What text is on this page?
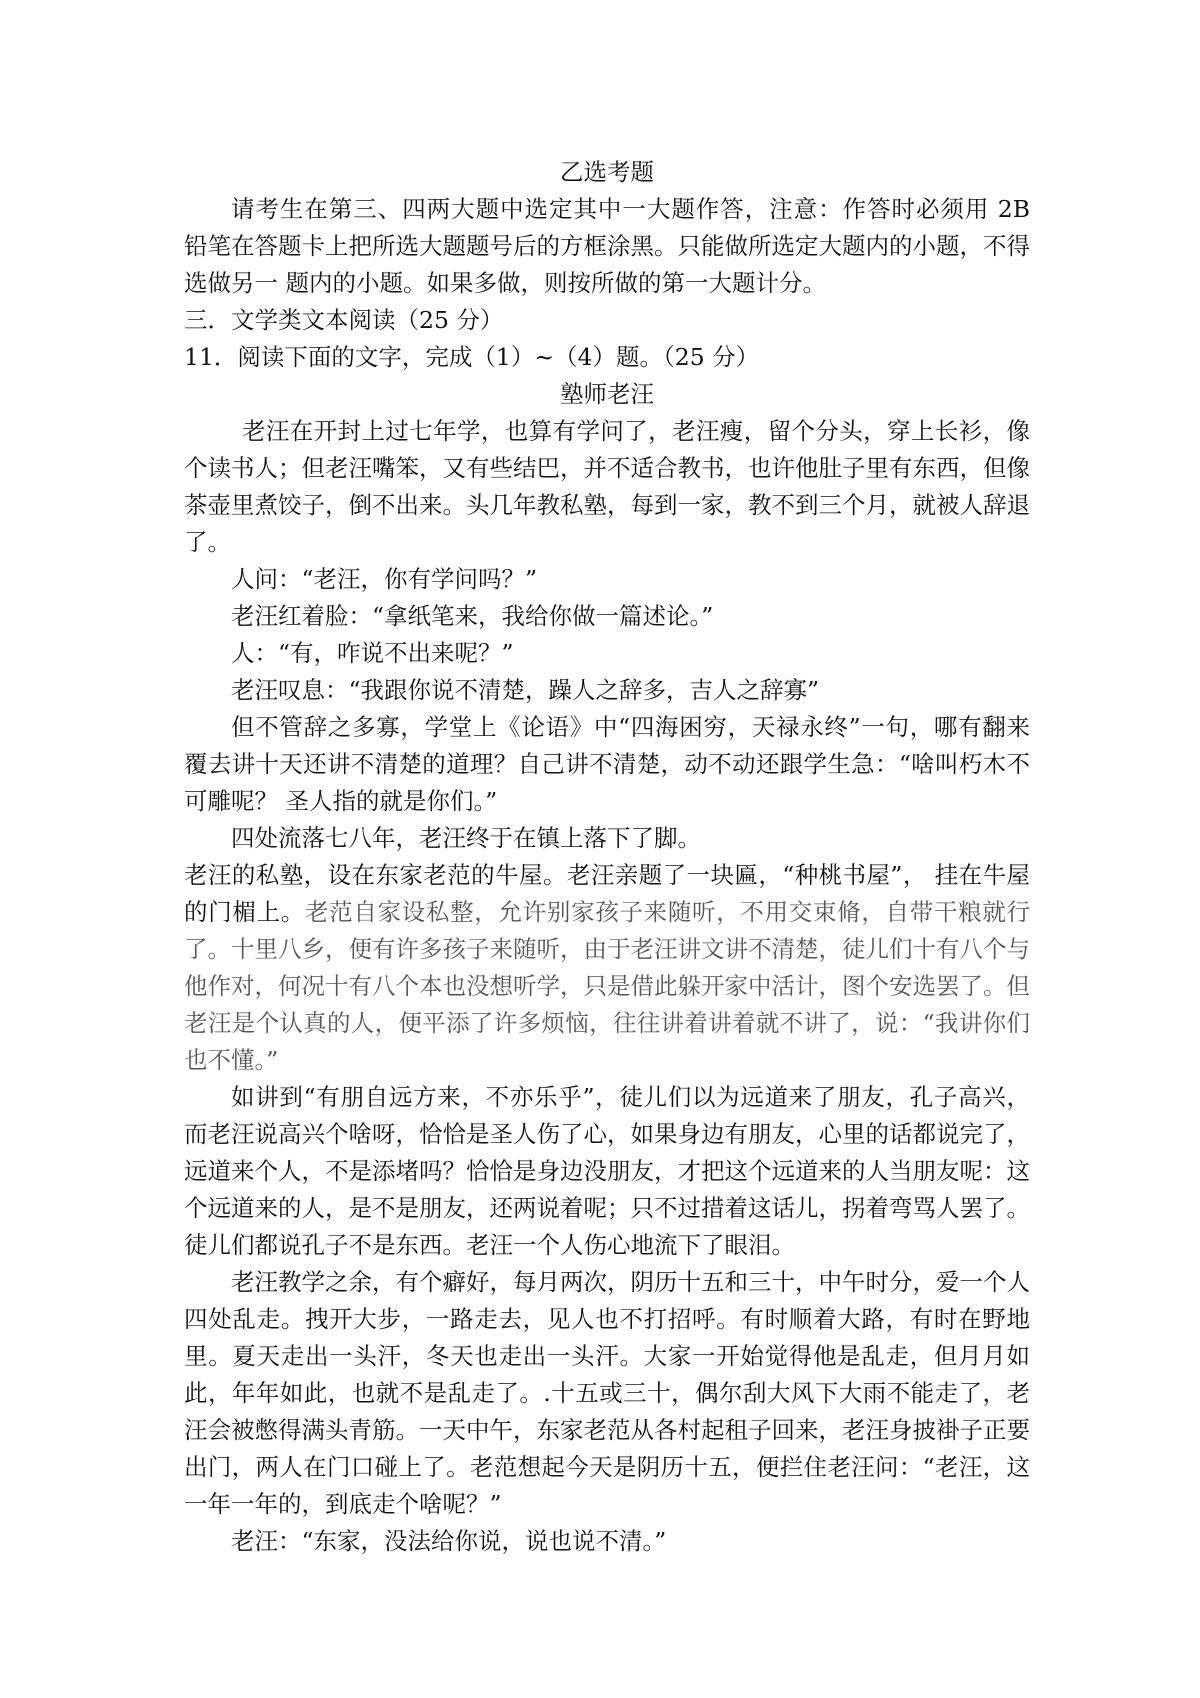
乙选考题

请考生在第三、四两大题中选定其中一大题作答，注意：作答时必须用 2B 铅笔在答题卡上把所选大题题号后的方框涂黑。只能做所选定大题内的小题，不得选做另一 题内的小题。如果多做，则按所做的第一大题计分。

三．文学类文本阅读（25 分）

11．阅读下面的文字，完成（1）~（4）题。（25 分）

塾师老汪

老汪在开封上过七年学，也算有学问了，老汪瘦，留个分头，穿上长衫，像个读书人；但老汪嘴笨，又有些结巴，并不适合教书，也许他肚子里有东西，但像茶壶里煮饺子，倒不出来。头几年教私塾，每到一家，教不到三个月，就被人辞退了。

人问：“老汪，你有学问吗？”

老汪红着脸：“拿纸笔来，我给你做一篇述论。”

人：“有，咋说不出来呢？”

老汪叹息：“我跟你说不清楚，躁人之辞多，吉人之辞寡”

但不管辞之多寡，学堂上《论语》中“四海困穷，天禄永终”一句，哪有翻来覆去讲十天还讲不清楚的道理？自己讲不清楚，动不动还跟学生急：“啥叫朽木不可雕呢？ 圣人指的就是你们。”

四处流落七八年，老汪终于在镇上落下了脚。

老汪的私塾，设在东家老范的牛屋。老汪亲题了一块匾，“种桃书屋”， 挂在牛屋的门楣上。老范自家设私整，允许别家孩子来随听，不用交束脩，自带干粮就行了。十里八乡，便有许多孩子来随听，由于老汪讲文讲不清楚，徒儿们十有八个与他作对，何况十有八个本也没想听学，只是借此躲开家中活计，图个安选罢了。但老汪是个认真的人，便平添了许多烦恼，往往讲着讲着就不讲了，说：“我讲你们也不懂。”

如讲到“有朋自远方来，不亦乐乎”，徒儿们以为远道来了朋友，孔子高兴，而老汪说高兴个啥呀，恰恰是圣人伤了心，如果身边有朋友，心里的话都说完了，远道来个人，不是添堵吗？恰恰是身边没朋友，才把这个远道来的人当朋友呢：这个远道来的人，是不是朋友，还两说着呢；只不过措着这话儿，拐着弯骂人罢了。徒儿们都说孔子不是东西。老汪一个人伤心地流下了眼泪。

老汪教学之余，有个癖好，每月两次，阴历十五和三十，中午时分，爱一个人四处乱走。拽开大步，一路走去，见人也不打招呼。有时顺着大路，有时在野地里。夏天走出一头汗，冬天也走出一头汗。大家一开始觉得他是乱走，但月月如此，年年如此，也就不是乱走了。.十五或三十，偶尔刮大风下大雨不能走了，老汪会被憋得满头青筋。一天中午，东家老范从各村起租子回来，老汪身披褂子正要出门，两人在门口碰上了。老范想起今天是阴历十五，便拦住老汪问：“老汪，这一年一年的，到底走个啥呢？”

老汪：“东家，没法给你说，说也说不清。”
